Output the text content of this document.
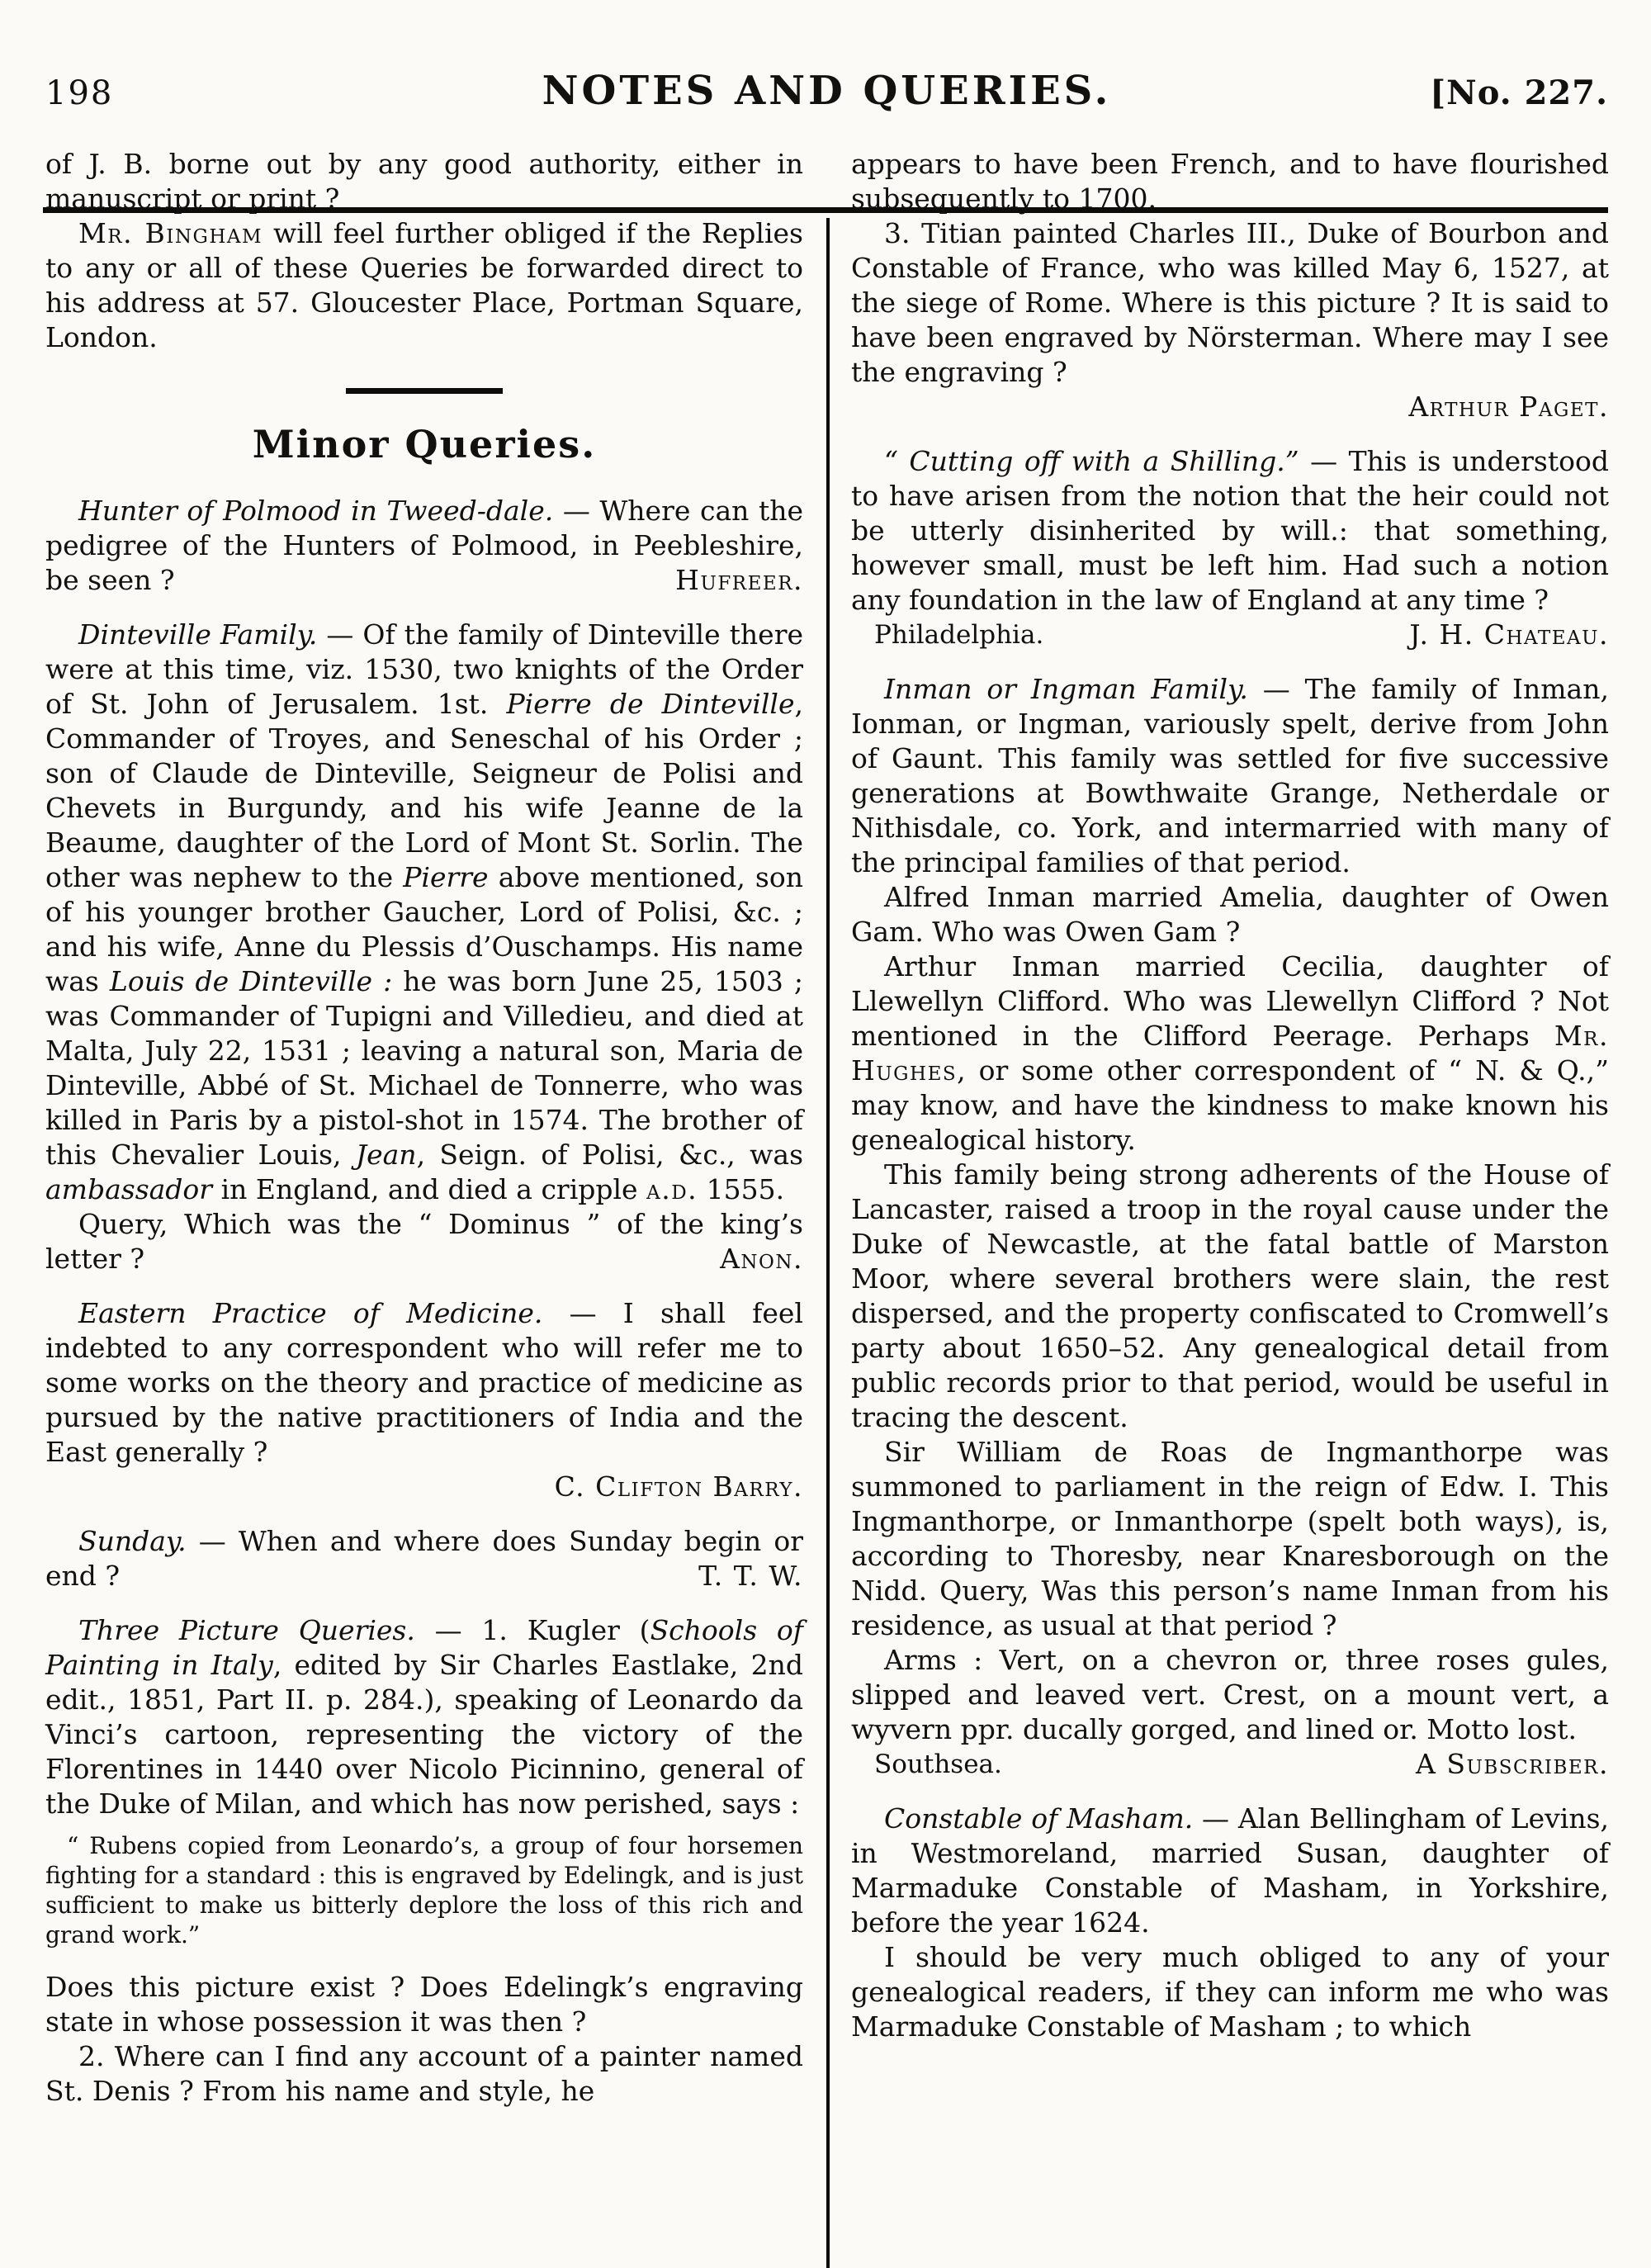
198	NOTES AND QUERIES.	[No. 227.

of J. B. borne out by any good authority, either in manuscript or print ?

Mr. Bingham will feel further obliged if the Replies to any or all of these Queries be forwarded direct to his address at 57. Gloucester Place, Portman Square, London.

Minor Queries.

Hunter of Polmood in Tweed-dale. — Where can the pedigree of the Hunters of Polmood, in Peebleshire, be seen ?	Hufreer.

Dinteville Family. — Of the family of Dinteville there were at this time, viz. 1530, two knights of the Order of St. John of Jerusalem. 1st. Pierre de Dinteville, Commander of Troyes, and Seneschal of his Order ; son of Claude de Dinteville, Seigneur de Polisi and Chevets in Burgundy, and his wife Jeanne de la Beaume, daughter of the Lord of Mont St. Sorlin. The other was nephew to the Pierre above mentioned, son of his younger brother Gaucher, Lord of Polisi, &c. ; and his wife, Anne du Plessis d’Ouschamps. His name was Louis de Dinteville : he was born June 25, 1503 ; was Commander of Tupigni and Villedieu, and died at Malta, July 22, 1531 ; leaving a natural son, Maria de Dinteville, Abbé of St. Michael de Tonnerre, who was killed in Paris by a pistol-shot in 1574. The brother of this Chevalier Louis, Jean, Seign. of Polisi, &c., was ambassador in England, and died a cripple a.d. 1555.

Query, Which was the “ Dominus ” of the king’s letter ?	Anon.

Eastern Practice of Medicine. — I shall feel indebted to any correspondent who will refer me to some works on the theory and practice of medicine as pursued by the native practitioners of India and the East generally ?

C. Clifton Barry.

Sunday. — When and where does Sunday begin or end ?	T. T. W.

Three Picture Queries. — 1. Kugler (Schools of Painting in Italy, edited by Sir Charles Eastlake, 2nd edit., 1851, Part II. p. 284.), speaking of Leonardo da Vinci’s cartoon, representing the victory of the Florentines in 1440 over Nicolo Picinnino, general of the Duke of Milan, and which has now perished, says :

“ Rubens copied from Leonardo’s, a group of four horsemen fighting for a standard : this is engraved by Edelingk, and is just sufficient to make us bitterly deplore the loss of this rich and grand work.”

Does this picture exist ? Does Edelingk’s engraving state in whose possession it was then ?

2. Where can I find any account of a painter named St. Denis ? From his name and style, he

appears to have been French, and to have flourished subsequently to 1700.

3. Titian painted Charles III., Duke of Bourbon and Constable of France, who was killed May 6, 1527, at the siege of Rome. Where is this picture ? It is said to have been engraved by Nörsterman. Where may I see the engraving ?

Arthur Paget.

“ Cutting off with a Shilling.” — This is understood to have arisen from the notion that the heir could not be utterly disinherited by will.: that something, however small, must be left him. Had such a notion any foundation in the law of England at any time ?
J. H. Chateau.

Philadelphia.

Inman or Ingman Family. — The family of Inman, Ionman, or Ingman, variously spelt, derive from John of Gaunt. This family was settled for five successive generations at Bowthwaite Grange, Netherdale or Nithisdale, co. York, and intermarried with many of the principal families of that period.

Alfred Inman married Amelia, daughter of Owen Gam. Who was Owen Gam ?

Arthur Inman married Cecilia, daughter of Llewellyn Clifford. Who was Llewellyn Clifford ? Not mentioned in the Clifford Peerage. Perhaps Mr. Hughes, or some other correspondent of “ N. & Q.,” may know, and have the kindness to make known his genealogical history.

This family being strong adherents of the House of Lancaster, raised a troop in the royal cause under the Duke of Newcastle, at the fatal battle of Marston Moor, where several brothers were slain, the rest dispersed, and the property confiscated to Cromwell’s party about 1650–52. Any genealogical detail from public records prior to that period, would be useful in tracing the descent.

Sir William de Roas de Ingmanthorpe was summoned to parliament in the reign of Edw. I. This Ingmanthorpe, or Inmanthorpe (spelt both ways), is, according to Thoresby, near Knaresborough on the Nidd. Query, Was this person’s name Inman from his residence, as usual at that period ?

Arms : Vert, on a chevron or, three roses gules, slipped and leaved vert. Crest, on a mount vert, a wyvern ppr. ducally gorged, and lined or. Motto lost.
A Subscriber.

Southsea.

Constable of Masham. — Alan Bellingham of Levins, in Westmoreland, married Susan, daughter of Marmaduke Constable of Masham, in Yorkshire, before the year 1624.

I should be very much obliged to any of your genealogical readers, if they can inform me who was Marmaduke Constable of Masham ; to which
